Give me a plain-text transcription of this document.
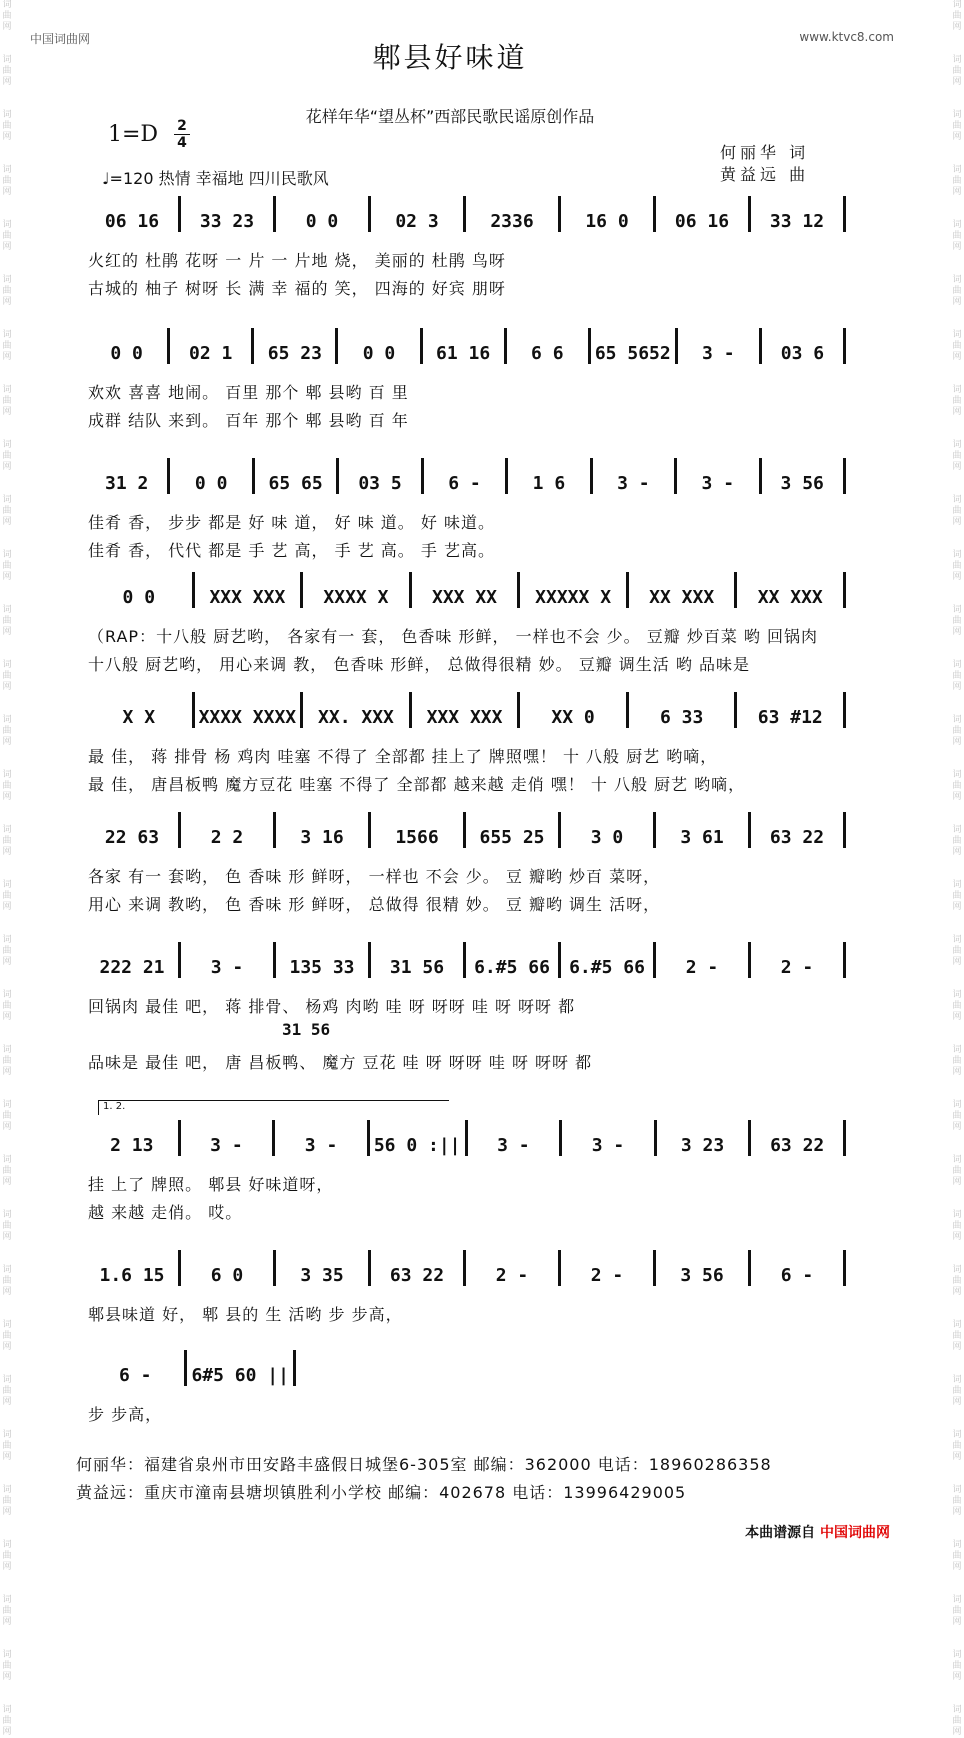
词曲网
词曲网
词曲网
词曲网
词曲网
词曲网
词曲网
词曲网
词曲网
词曲网
词曲网
词曲网
词曲网
词曲网
词曲网
词曲网
词曲网
词曲网
词曲网
词曲网
词曲网
词曲网
词曲网
词曲网
词曲网
词曲网
词曲网
词曲网
词曲网
词曲网
词曲网
词曲网
词曲网
词曲网
词曲网
词曲网
词曲网
词曲网
词曲网
词曲网
词曲网
词曲网
词曲网
词曲网
词曲网
词曲网
词曲网
词曲网
词曲网
词曲网
词曲网
词曲网
词曲网
词曲网
词曲网
词曲网
词曲网
词曲网
词曲网
词曲网
词曲网
词曲网
词曲网
词曲网
中国词曲网	www.ktvc8.com
郫县好味道
花样年华“望丛杯”西部民歌民谣原创作品
1=D 2
4
♩=120 热情 幸福地 四川民歌风
何丽华 词
黄益远 曲
06 16	33 23	0 0	02 3	2336	16 0	06 16	33 12
火红的 杜鹃 花呀 一 片 一 片地 烧， 美丽的 杜鹃 鸟呀
古城的 柚子 树呀 长 满 幸 福的 笑， 四海的 好宾 朋呀
0 0	02 1	65 23	0 0	61 16	6 6	65 5652	3 -	03 6
欢欢 喜喜 地闹。 百里 那个 郫 县哟 百 里
成群 结队 来到。 百年 那个 郫 县哟 百 年
31 2	0 0	65 65	03 5	6 -	1 6	3 -	3 -	3 56
佳肴 香， 步步 都是 好 味 道， 好 味 道。 好 味道。
佳肴 香， 代代 都是 手 艺 高， 手 艺 高。 手 艺高。
0 0	XXX XXX	XXXX X	XXX XX	XXXXX X	XX XXX	XX XXX
（RAP：十八般 厨艺哟， 各家有一 套， 色香味 形鲜， 一样也不会 少。 豆瓣 炒百菜 哟 回锅肉
十八般 厨艺哟， 用心来调 教， 色香味 形鲜， 总做得很精 妙。 豆瓣 调生活 哟 品味是
X X	XXXX XXXX	XX. XXX	XXX XXX	XX 0	6 33	63 #12
最 佳， 蒋 排骨 杨 鸡肉 哇塞 不得了 全部都 挂上了 牌照嘿！ 十 八般 厨艺 哟嘀，
最 佳， 唐昌板鸭 魔方豆花 哇塞 不得了 全部都 越来越 走俏 嘿！ 十 八般 厨艺 哟嘀，
22 63	2 2	3 16	1566	655 25	3 0	3 61	63 22
各家 有一 套哟， 色 香味 形 鲜呀， 一样也 不会 少。 豆 瓣哟 炒百 菜呀，
用心 来调 教哟， 色 香味 形 鲜呀， 总做得 很精 妙。 豆 瓣哟 调生 活呀，
222 21	3 -	135 33	31 56	6.#5 66 6.#5 66	2 -	2 -
回锅肉 最佳 吧， 蒋 排骨、 杨鸡 肉哟 哇 呀 呀呀 哇 呀 呀呀 都
31 56
品味是 最佳 吧， 唐 昌板鸭、 魔方 豆花 哇 呀 呀呀 哇 呀 呀呀 都
1. 2.
2 13	3 -	3 -	56 0 :||	3 -	3 -	3 23	63 22
挂 上了 牌照。 郫县 好味道呀，
越 来越 走俏。 哎。
1.6 15	6 0	3 35	63 22	2 -	2 -	3 56	6 -
郫县味道 好， 郫 县的 生 活哟 步 步高，
6 -	6#5 60 ||
步 步高，
何丽华：福建省泉州市田安路丰盛假日城堡6-305室 邮编：362000 电话：18960286358
黄益远：重庆市潼南县塘坝镇胜利小学校 邮编：402678 电话：13996429005
本曲谱源自 中国词曲网
